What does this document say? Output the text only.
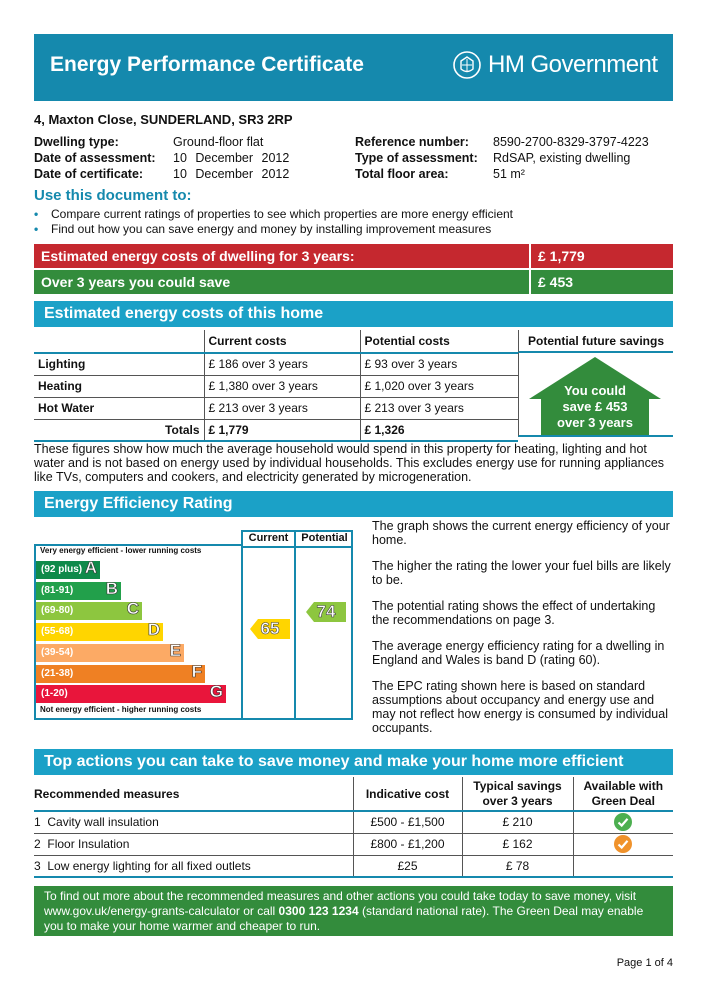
Energy Performance Certificate	HM Government
4, Maxton Close, SUNDERLAND, SR3 2RP
Dwelling type:	Ground-floor flat
Date of assessment: 10 December 2012
Date of certificate: 10 December 2012
Reference number: 8590-2700-8329-3797-4223
Type of assessment: RdSAP, existing dwelling
Total floor area:	51 m²
Use this document to:
•	Compare current ratings of properties to see which properties are more energy efficient
•	Find out how you can save energy and money by installing improvement measures
Estimated energy costs of dwelling for 3 years:	£ 1,779
Over 3 years you could save	£ 453
Estimated energy costs of this home
	Current costs	Potential costs
Lighting	£ 186 over 3 years	£ 93 over 3 years
Heating	£ 1,380 over 3 years	£ 1,020 over 3 years
Hot Water	£ 213 over 3 years	£ 213 over 3 years
Totals	£ 1,779	£ 1,326
Potential future savings
You could
save £ 453
over 3 years
These figures show how much the average household would spend in this property for heating, lighting and hot water and is not based on energy used by individual households. This excludes energy use for running appliances like TVs, computers and cookers, and electricity generated by microgeneration.
Energy Efficiency Rating
Current	Potential
Very energy efficient - lower running costs
Not energy efficient - higher running costs
(92 plus) A
(81-91) B
(69-80)	C
(55-68)	D
(39-54)	E
(21-38)	F
(1-20)	G
65
74
The graph shows the current energy efficiency of your home.
The higher the rating the lower your fuel bills are likely to be.
The potential rating shows the effect of undertaking the recommendations on page 3.
The average energy efficiency rating for a dwelling in England and Wales is band D (rating 60).
The EPC rating shown here is based on standard assumptions about occupancy and energy use and may not reflect how energy is consumed by individual occupants.
Top actions you can take to save money and make your home more efficient
Recommended measures	Indicative cost	Typical savings over 3 years	Available with Green Deal
1 Cavity wall insulation	£500 - £1,500	£ 210	
2 Floor Insulation	£800 - £1,200	£ 162	
3 Low energy lighting for all fixed outlets	£25	£ 78	
To find out more about the recommended measures and other actions you could take today to save money, visit www.gov.uk/energy-grants-calculator or call 0300 123 1234 (standard national rate). The Green Deal may enable you to make your home warmer and cheaper to run.
Page 1 of 4
